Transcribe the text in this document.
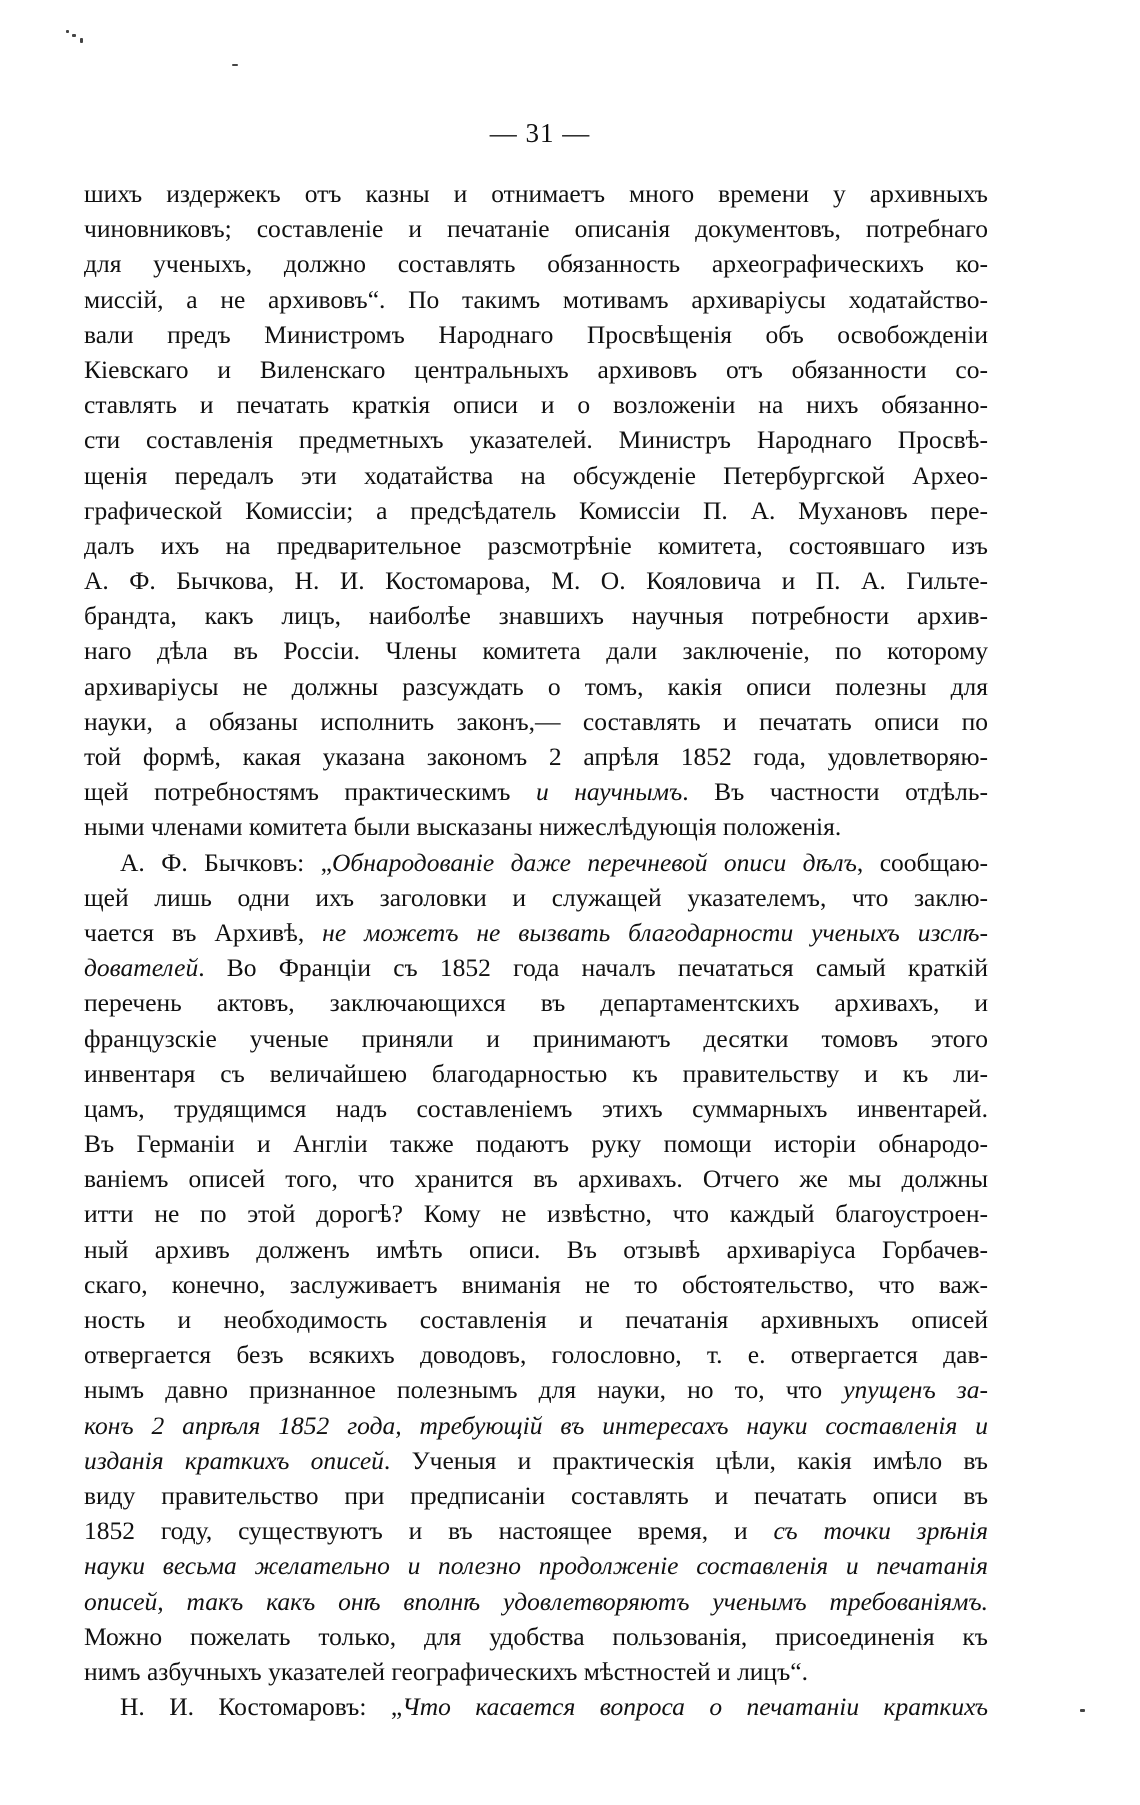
— 31 —
шихъ издержекъ отъ казны и отнимаетъ много времени у архивныхъ
чиновниковъ; составленіе и печатаніе описанія документовъ, потребнаго
для ученыхъ, должно составлять обязанность археографическихъ ко-
миссій, а не архивовъ“. По такимъ мотивамъ архиваріусы ходатайство-
вали предъ Министромъ Народнаго Просвѣщенія объ освобожденіи
Кіевскаго и Виленскаго центральныхъ архивовъ отъ обязанности со-
ставлять и печатать краткія описи и о возложеніи на нихъ обязанно-
сти составленія предметныхъ указателей. Министръ Народнаго Просвѣ-
щенія передалъ эти ходатайства на обсужденіе Петербургской Архео-
графической Комиссіи; а предсѣдатель Комиссіи П. А. Мухановъ пере-
далъ ихъ на предварительное разсмотрѣніе комитета, состоявшаго изъ
А. Ф. Бычкова, Н. И. Костомарова, М. О. Кояловича и П. А. Гильте-
брандта, какъ лицъ, наиболѣе знавшихъ научныя потребности архив-
наго дѣла въ Россіи. Члены комитета дали заключеніе, по которому
архиваріусы не должны разсуждать о томъ, какія описи полезны для
науки, а обязаны исполнить законъ,— составлять и печатать описи по
той формѣ, какая указана закономъ 2 апрѣля 1852 года, удовлетворяю-
щей потребностямъ практическимъ и научнымъ. Въ частности отдѣль-
ными членами комитета были высказаны нижеслѣдующія положенія.
А. Ф. Бычковъ: „Обнародованіе даже перечневой описи дѣлъ, сообщаю-
щей лишь одни ихъ заголовки и служащей указателемъ, что заклю-
чается въ Архивѣ, не можетъ не вызвать благодарности ученыхъ изслѣ-
дователей. Во Франціи съ 1852 года началъ печататься самый краткій
перечень актовъ, заключающихся въ департаментскихъ архивахъ, и
французскіе ученые приняли и принимаютъ десятки томовъ этого
инвентаря съ величайшею благодарностью къ правительству и къ ли-
цамъ, трудящимся надъ составленіемъ этихъ суммарныхъ инвентарей.
Въ Германіи и Англіи также подаютъ руку помощи исторіи обнародо-
ваніемъ описей того, что хранится въ архивахъ. Отчего же мы должны
итти не по этой дорогѣ? Кому не извѣстно, что каждый благоустроен-
ный архивъ долженъ имѣть описи. Въ отзывѣ архиваріуса Горбачев-
скаго, конечно, заслуживаетъ вниманія не то обстоятельство, что важ-
ность и необходимость составленія и печатанія архивныхъ описей
отвергается безъ всякихъ доводовъ, голословно, т. е. отвергается дав-
нымъ давно признанное полезнымъ для науки, но то, что упущенъ за-
конъ 2 апрѣля 1852 года, требующій въ интересахъ науки составленія и
изданія краткихъ описей. Ученыя и практическія цѣли, какія имѣло въ
виду правительство при предписаніи составлять и печатать описи въ
1852 году, существуютъ и въ настоящее время, и съ точки зрѣнія
науки весьма желательно и полезно продолженіе составленія и печатанія
описей, такъ какъ онѣ вполнѣ удовлетворяютъ ученымъ требованіямъ.
Можно пожелать только, для удобства пользованія, присоединенія къ
нимъ азбучныхъ указателей географическихъ мѣстностей и лицъ“.
Н. И. Костомаровъ: „Что касается вопроса о печатаніи краткихъ
